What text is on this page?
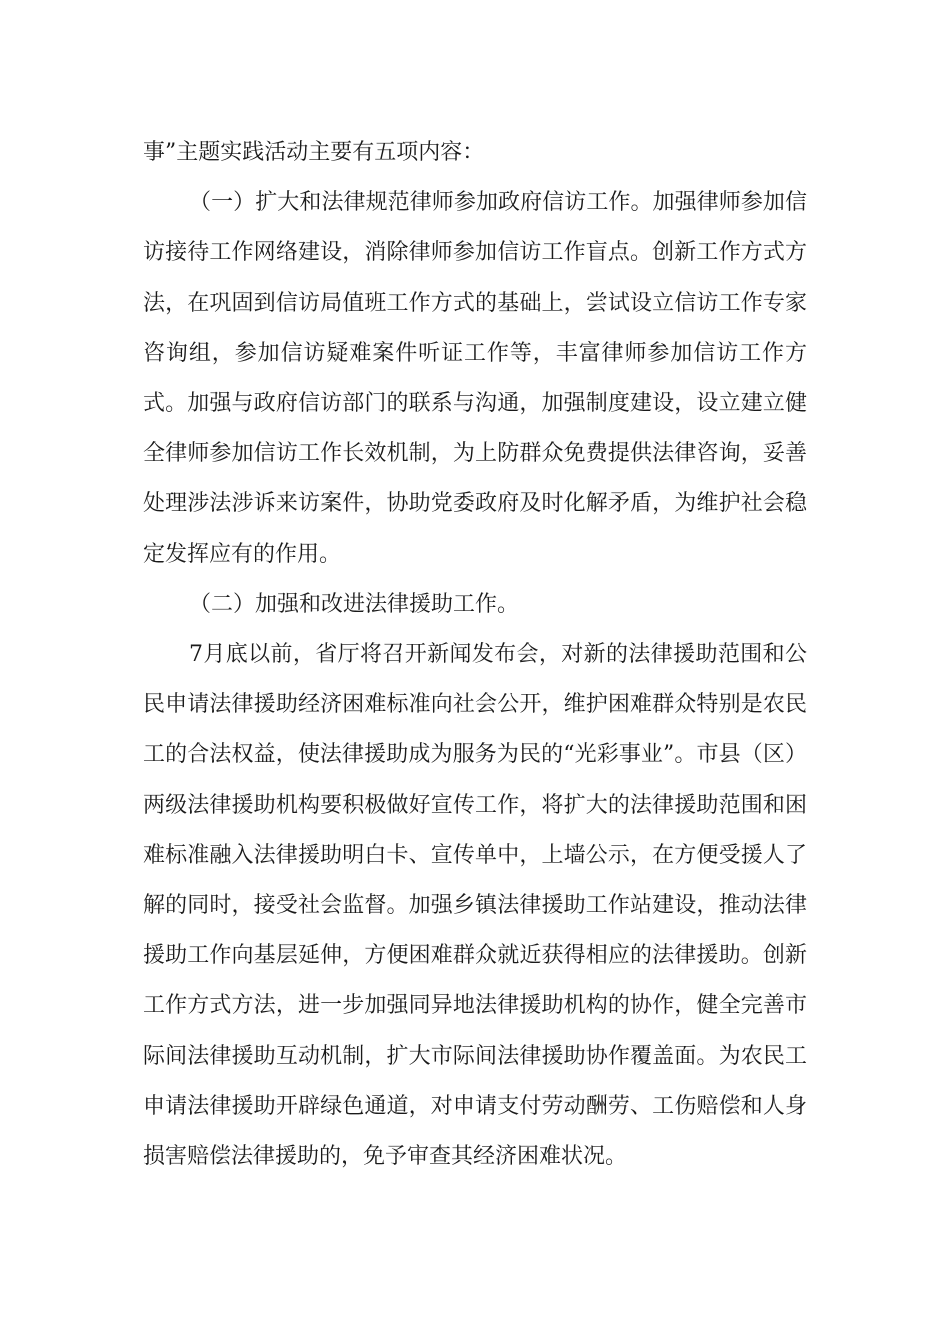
事”主题实践活动主要有五项内容：

（一）扩大和法律规范律师参加政府信访工作。加强律师参加信访接待工作网络建设，消除律师参加信访工作盲点。创新工作方式方法，在巩固到信访局值班工作方式的基础上，尝试设立信访工作专家咨询组，参加信访疑难案件听证工作等，丰富律师参加信访工作方式。加强与政府信访部门的联系与沟通，加强制度建设，设立建立健全律师参加信访工作长效机制，为上防群众免费提供法律咨询，妥善处理涉法涉诉来访案件，协助党委政府及时化解矛盾，为维护社会稳定发挥应有的作用。

（二）加强和改进法律援助工作。

7月底以前，省厅将召开新闻发布会，对新的法律援助范围和公民申请法律援助经济困难标准向社会公开，维护困难群众特别是农民工的合法权益，使法律援助成为服务为民的“光彩事业”。市县（区）两级法律援助机构要积极做好宣传工作，将扩大的法律援助范围和困难标准融入法律援助明白卡、宣传单中，上墙公示，在方便受援人了解的同时，接受社会监督。加强乡镇法律援助工作站建设，推动法律援助工作向基层延伸，方便困难群众就近获得相应的法律援助。创新工作方式方法，进一步加强同异地法律援助机构的协作，健全完善市际间法律援助互动机制，扩大市际间法律援助协作覆盖面。为农民工申请法律援助开辟绿色通道，对申请支付劳动酬劳、工伤赔偿和人身损害赔偿法律援助的，免予审查其经济困难状况。
